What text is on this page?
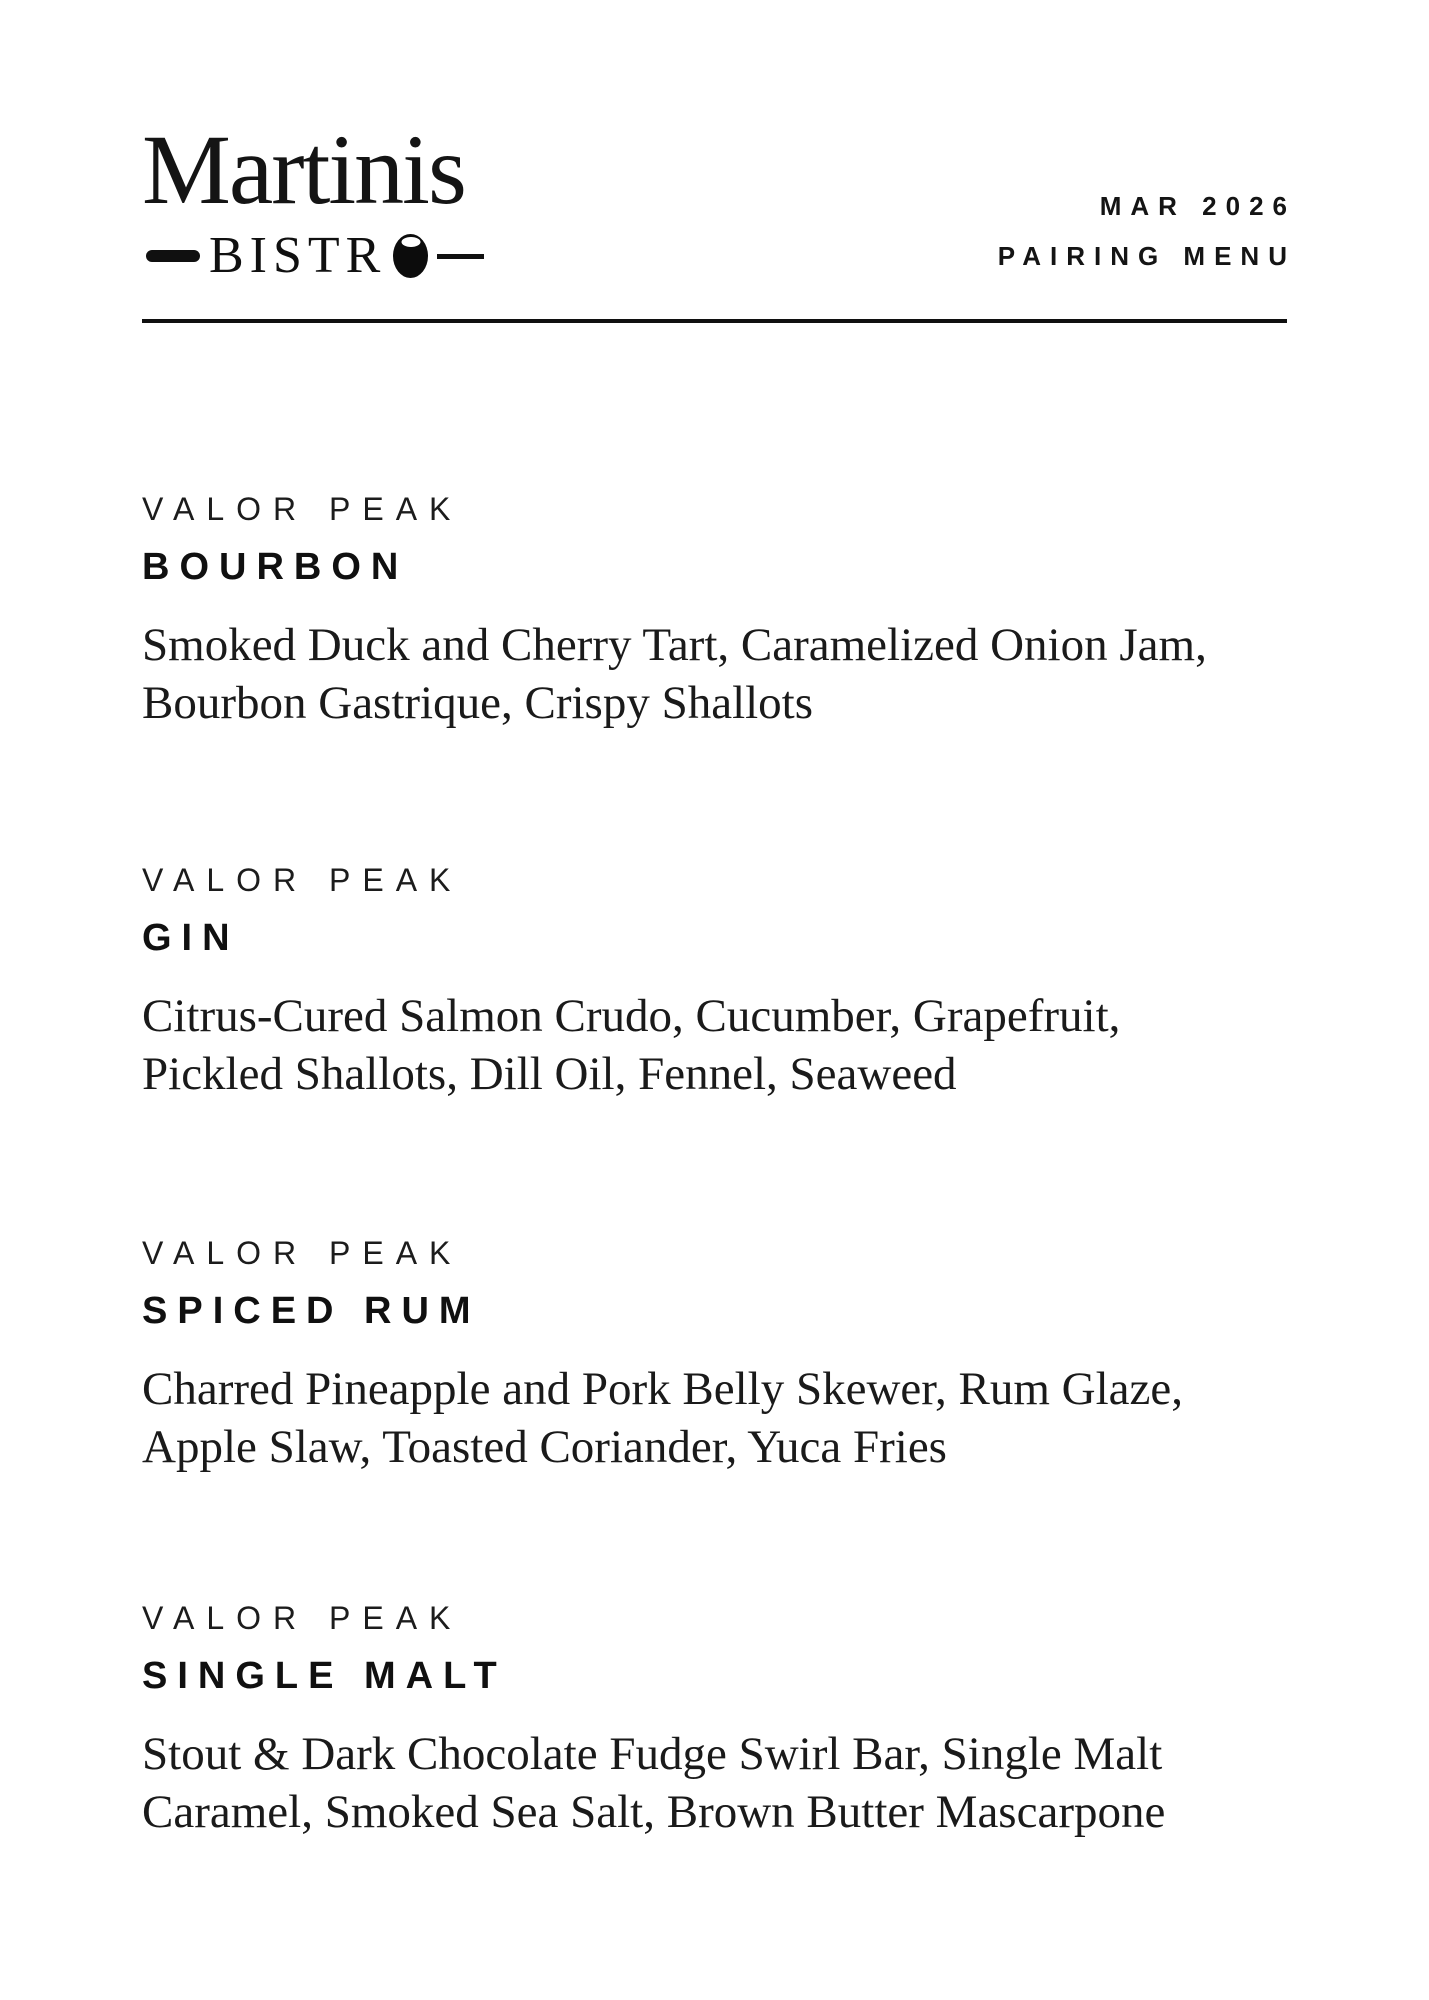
Martinis
BISTR
MAR 2026
PAIRING MENU
VALOR PEAK
BOURBON
Smoked Duck and Cherry Tart, Caramelized Onion Jam,
Bourbon Gastrique, Crispy Shallots
VALOR PEAK
GIN
Citrus-Cured Salmon Crudo, Cucumber, Grapefruit,
Pickled Shallots, Dill Oil, Fennel, Seaweed
VALOR PEAK
SPICED RUM
Charred Pineapple and Pork Belly Skewer, Rum Glaze,
Apple Slaw, Toasted Coriander, Yuca Fries
VALOR PEAK
SINGLE MALT
Stout & Dark Chocolate Fudge Swirl Bar, Single Malt
Caramel, Smoked Sea Salt, Brown Butter Mascarpone
